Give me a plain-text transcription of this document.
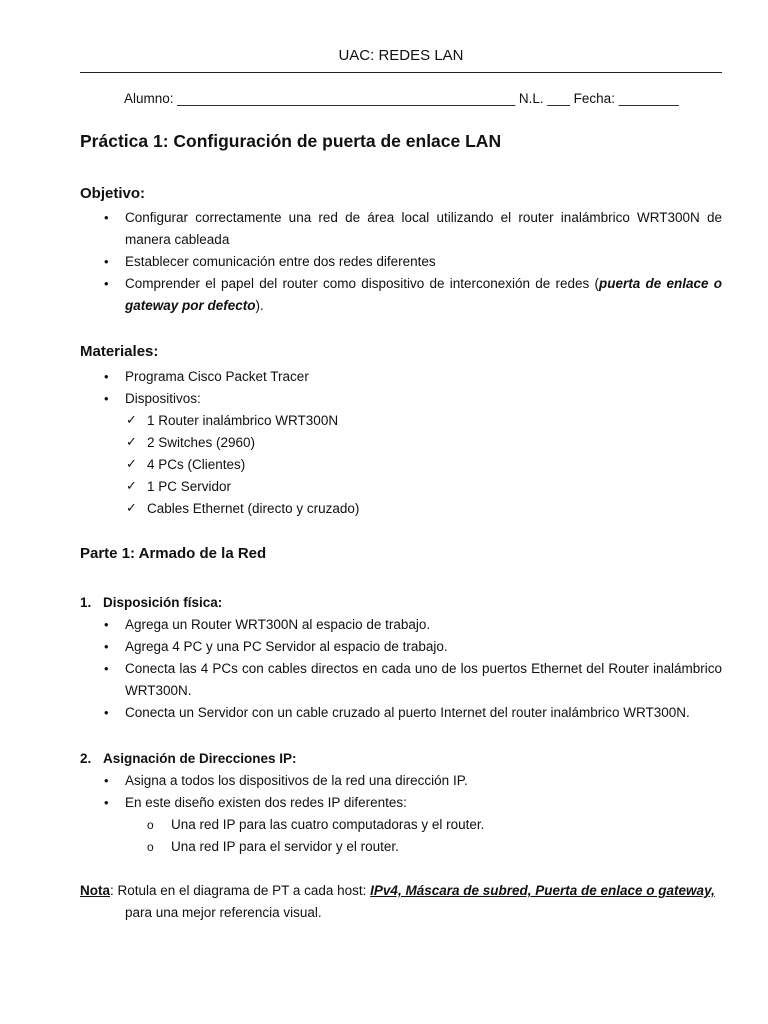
UAC: REDES LAN
Alumno: _____________________________________________ N.L. ___ Fecha: ________
Práctica 1: Configuración de puerta de enlace LAN
Objetivo:
• Configurar correctamente una red de área local utilizando el router inalámbrico WRT300N de manera cableada
• Establecer comunicación entre dos redes diferentes
• Comprender el papel del router como dispositivo de interconexión de redes (puerta de enlace o gateway por defecto).
Materiales:
• Programa Cisco Packet Tracer
• Dispositivos:
✓ 1 Router inalámbrico WRT300N
✓ 2 Switches (2960)
✓ 4 PCs (Clientes)
✓ 1 PC Servidor
✓ Cables Ethernet (directo y cruzado)
Parte 1: Armado de la Red
1. Disposición física:
• Agrega un Router WRT300N al espacio de trabajo.
• Agrega 4 PC y una PC Servidor al espacio de trabajo.
• Conecta las 4 PCs con cables directos en cada uno de los puertos Ethernet del Router inalámbrico WRT300N.
• Conecta un Servidor con un cable cruzado al puerto Internet del router inalámbrico WRT300N.
2. Asignación de Direcciones IP:
• Asigna a todos los dispositivos de la red una dirección IP.
• En este diseño existen dos redes IP diferentes:
o Una red IP para las cuatro computadoras y el router.
o Una red IP para el servidor y el router.
Nota: Rotula en el diagrama de PT a cada host: IPv4, Máscara de subred, Puerta de enlace o gateway,
para una mejor referencia visual.
